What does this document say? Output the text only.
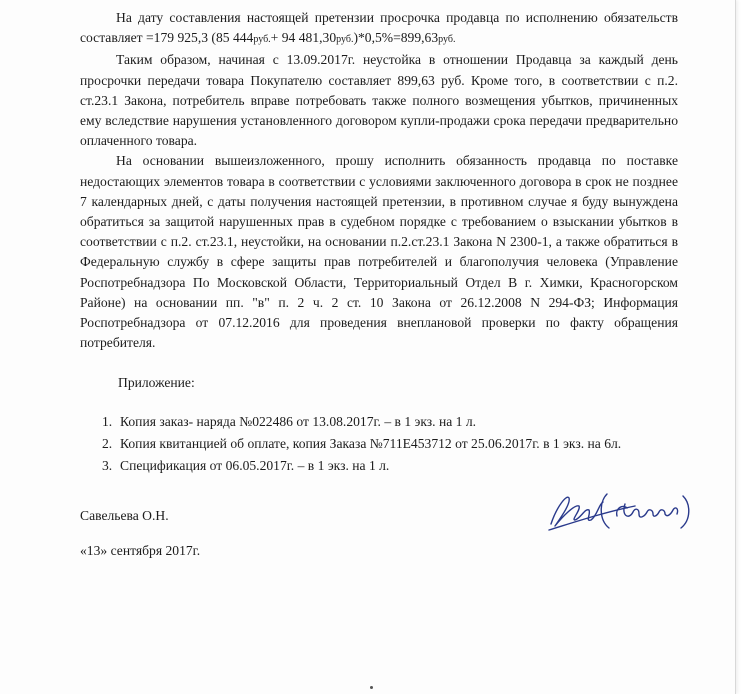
На дату составления настоящей претензии просрочка продавца по исполнению обязательств составляет =179 925,3 (85 444руб.+ 94 481,30руб.)*0,5%=899,63руб.

Таким образом, начиная с 13.09.2017г. неустойка в отношении Продавца за каждый день просрочки передачи товара Покупателю составляет 899,63 руб. Кроме того, в соответствии с п.2. ст.23.1 Закона, потребитель вправе потребовать также полного возмещения убытков, причиненных ему вследствие нарушения установленного договором купли-продажи срока передачи предварительно оплаченного товара.

На основании вышеизложенного, прошу исполнить обязанность продавца по поставке недостающих элементов товара в соответствии с условиями заключенного договора в срок не позднее 7 календарных дней, с даты получения настоящей претензии, в противном случае я буду вынуждена обратиться за защитой нарушенных прав в судебном порядке с требованием о взыскании убытков в соответствии с п.2. ст.23.1, неустойки, на основании п.2.ст.23.1 Закона N 2300-1, а также обратиться в Федеральную службу в сфере защиты прав потребителей и благополучия человека (Управление Роспотребнадзора По Московской Области, Территориальный Отдел В г. Химки, Красногорском Районе) на основании пп. "в" п. 2 ч. 2 ст. 10 Закона от 26.12.2008 N 294-ФЗ; Информация Роспотребнадзора от 07.12.2016 для проведения внеплановой проверки по факту обращения потребителя.

Приложение:

1. Копия заказ- наряда №022486 от 13.08.2017г. – в 1 экз. на 1 л.
2. Копия квитанцией об оплате, копия Заказа №711Е453712 от 25.06.2017г. в 1 экз. на 6л.
3. Спецификация от 06.05.2017г. – в 1 экз. на 1 л.
Савельева О.Н.
«13» сентября 2017г.
